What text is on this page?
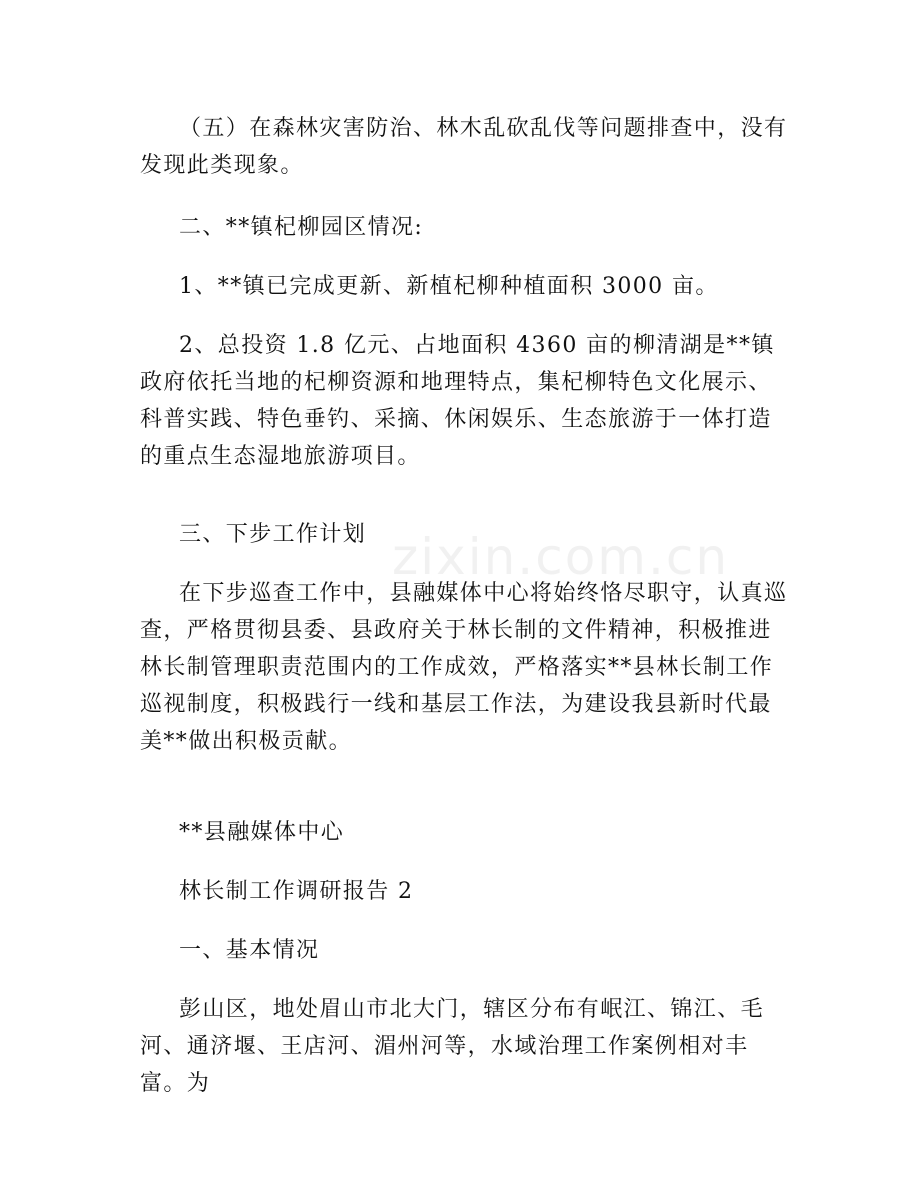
（五）在森林灾害防治、林木乱砍乱伐等问题排查中，没有发现此类现象。

二、**镇杞柳园区情况:

1、**镇已完成更新、新植杞柳种植面积 3000 亩。

2、总投资 1.8 亿元、占地面积 4360 亩的柳清湖是**镇政府依托当地的杞柳资源和地理特点，集杞柳特色文化展示、科普实践、特色垂钓、采摘、休闲娱乐、生态旅游于一体打造的重点生态湿地旅游项目。

三、下步工作计划

在下步巡查工作中，县融媒体中心将始终恪尽职守，认真巡查，严格贯彻县委、县政府关于林长制的文件精神，积极推进林长制管理职责范围内的工作成效，严格落实**县林长制工作巡视制度，积极践行一线和基层工作法，为建设我县新时代最美**做出积极贡献。

**县融媒体中心

林长制工作调研报告 2

一、基本情况

彭山区，地处眉山市北大门，辖区分布有岷江、锦江、毛河、通济堰、王店河、湄州河等，水域治理工作案例相对丰富。为

zixin.com.cn
